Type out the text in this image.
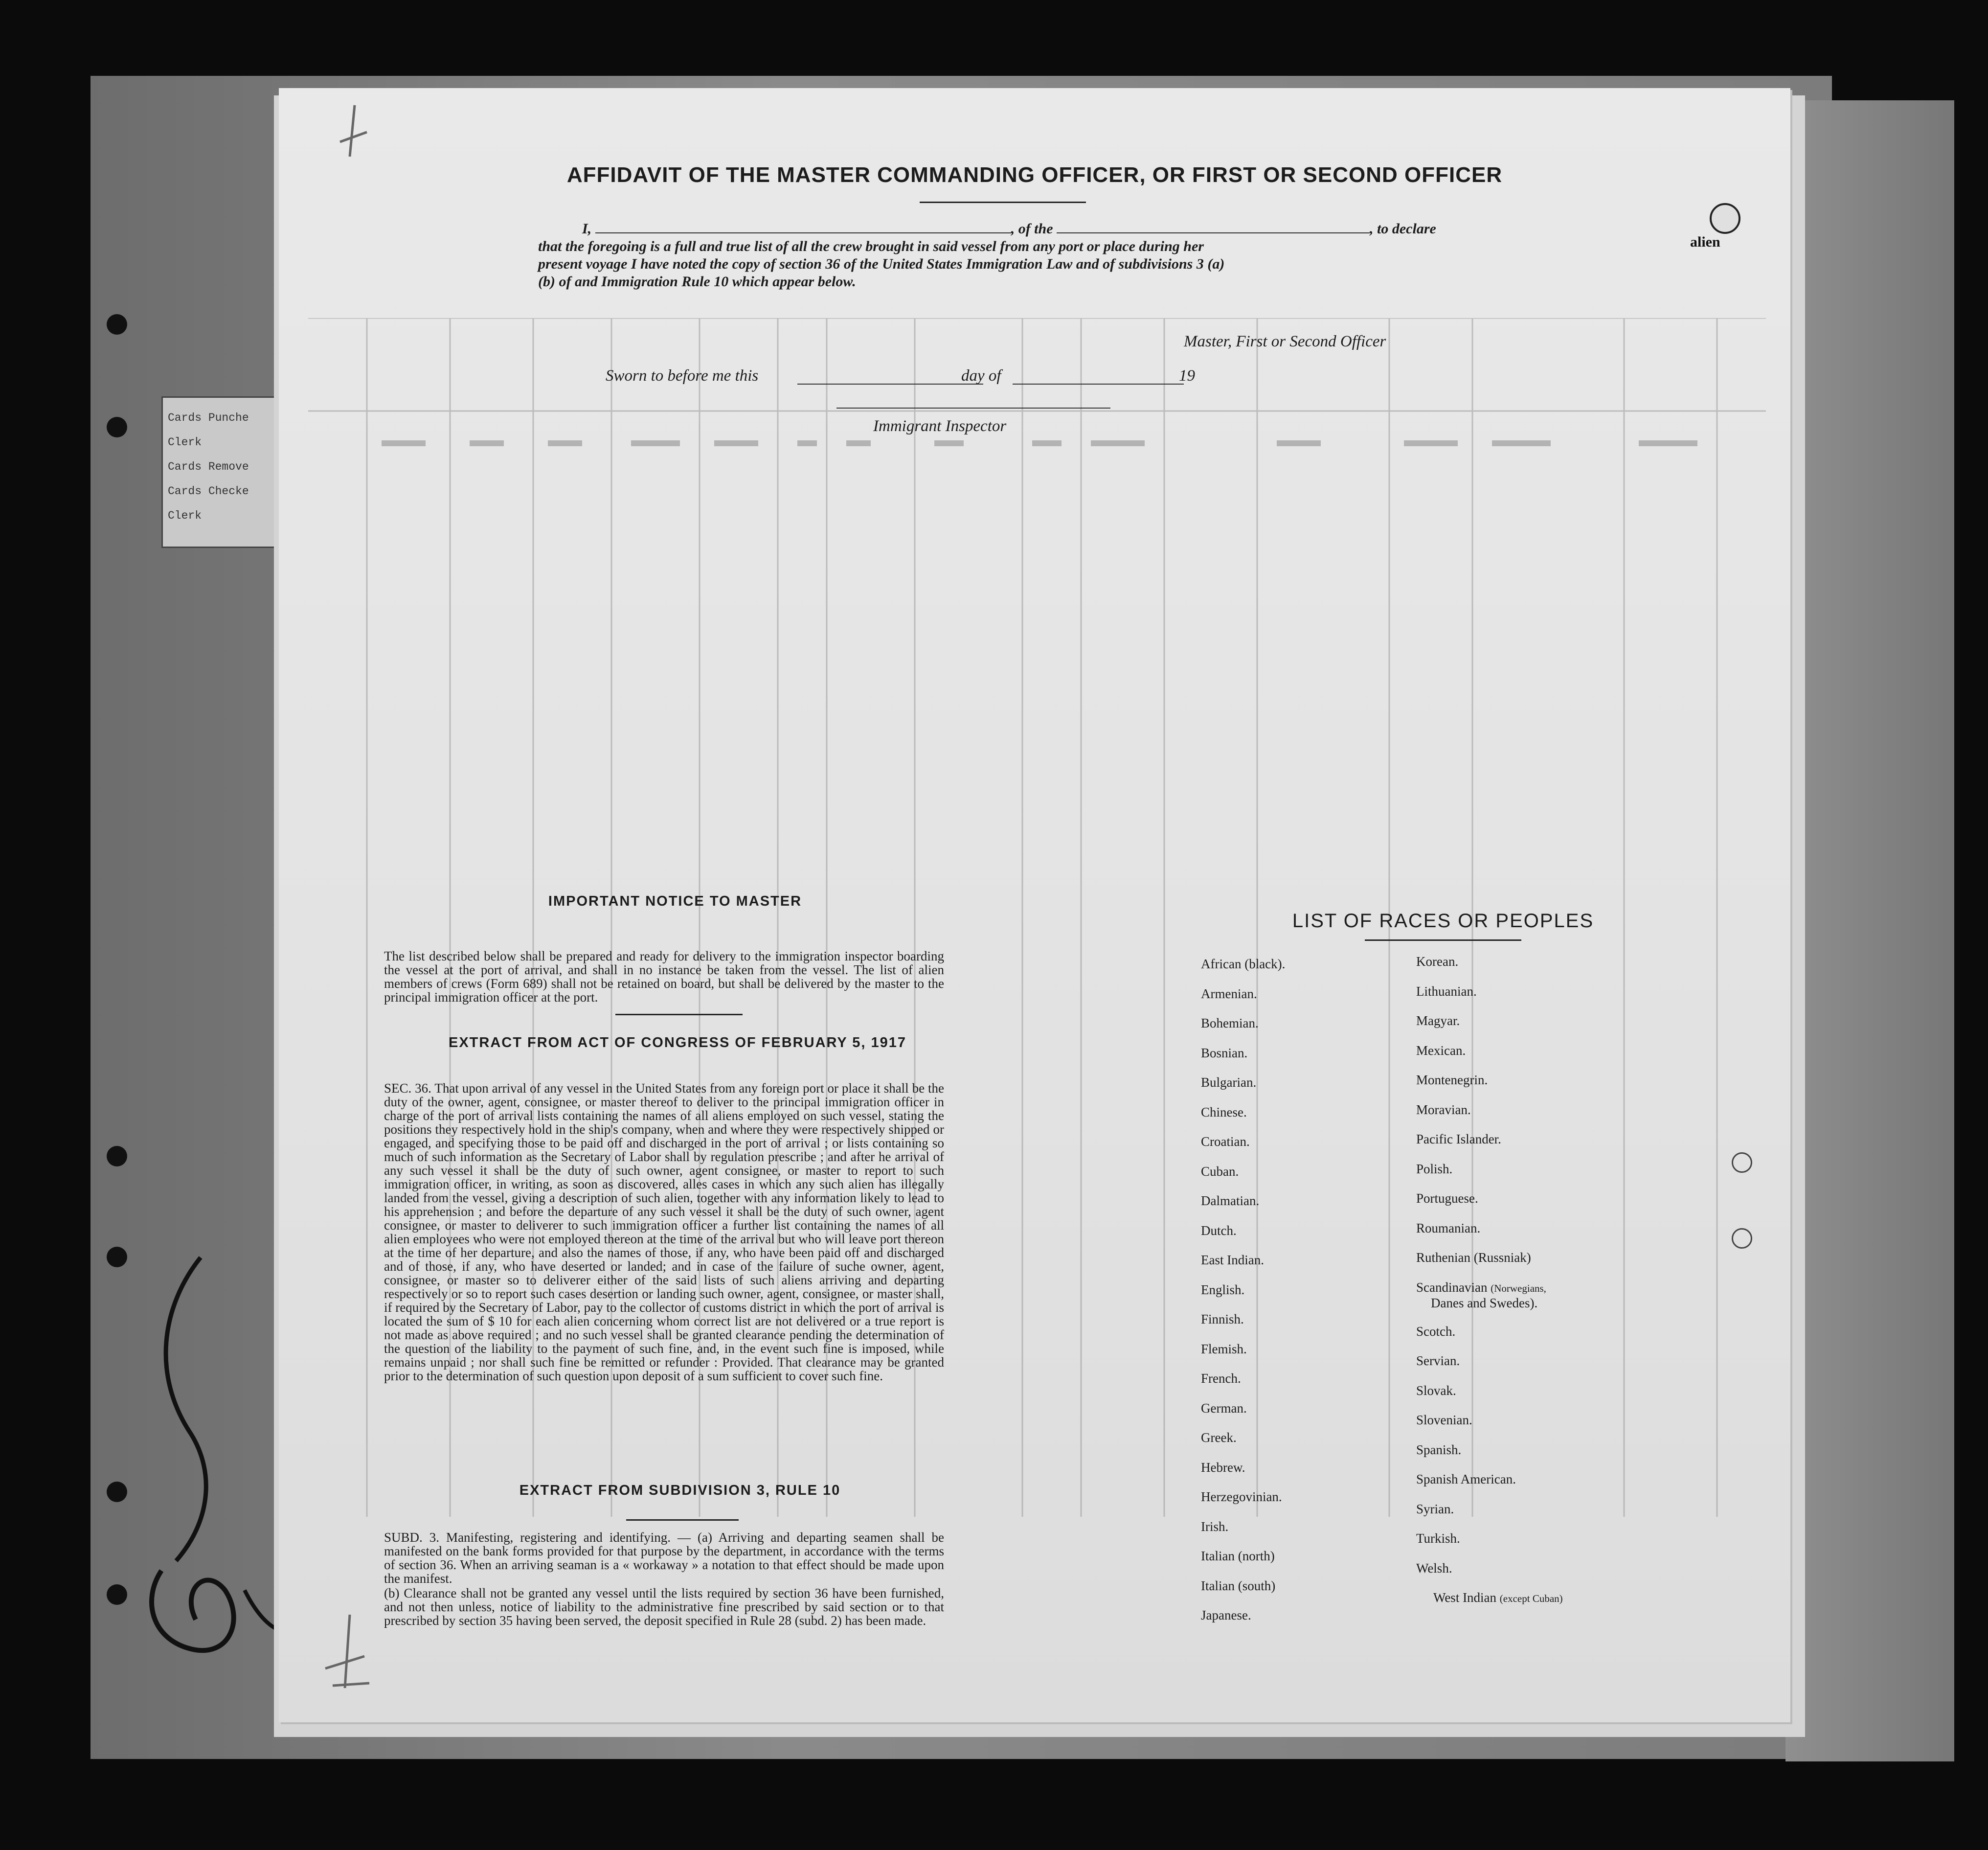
Cards Punche
Clerk
Cards Remove
Cards Checke
Clerk
AFFIDAVIT OF THE MASTER COMMANDING OFFICER, OR FIRST OR SECOND OFFICER
I,	, of the	, to declare
that the foregoing is a full and true list of all the crew brought in said vessel from any port or place during her
present voyage I have noted the copy of section 36 of the United States Immigration Law and of subdivisions 3 (a)
(b) of and Immigration Rule 10 which appear below.
Master, First or Second Officer
Sworn to before me this	day of	19
Immigrant Inspector
IMPORTANT NOTICE TO MASTER
The list described below shall be prepared and ready for delivery to the immigration inspector boarding the vessel at the port of arrival, and shall in no instance be taken from the vessel. The list of alien members of crews (Form 689) shall not be retained on board, but shall be delivered by the master to the principal immigration officer at the port.
EXTRACT FROM ACT OF CONGRESS OF FEBRUARY 5, 1917
SEC. 36. That upon arrival of any vessel in the United States from any foreign port or place it shall be the duty of the owner, agent, consignee, or master thereof to deliver to the principal immigration officer in charge of the port of arrival lists containing the names of all aliens employed on such vessel, stating the positions they respectively hold in the ship's company, when and where they were respectively shipped or engaged, and specifying those to be paid off and discharged in the port of arrival ; or lists containing so much of such information as the Secretary of Labor shall by regulation prescribe ; and after he arrival of any such vessel it shall be the duty of such owner, agent consignee, or master to report to such immigration officer, in writing, as soon as discovered, alles cases in which any such alien has illegally landed from the vessel, giving a description of such alien, together with any information likely to lead to his apprehension ; and before the departure of any such vessel it shall be the duty of such owner, agent consignee, or master to deliverer to such immigration officer a further list containing the names of all alien employees who were not employed thereon at the time of the arrival but who will leave port thereon at the time of her departure, and also the names of those, if any, who have been paid off and discharged and of those, if any, who have deserted or landed; and in case of the failure of suche owner, agent, consignee, or master so to deliverer either of the said lists of such aliens arriving and departing respectively or so to report such cases desertion or landing such owner, agent, consignee, or master shall, if required by the Secretary of Labor, pay to the collector of customs district in which the port of arrival is located the sum of $ 10 for each alien concerning whom correct list are not delivered or a true report is not made as above required ; and no such vessel shall be granted clearance pending the determination of the question of the liability to the payment of such fine, and, in the event such fine is imposed, while remains unpaid ; nor shall such fine be remitted or refunder : Provided. That clearance may be granted prior to the determination of such question upon deposit of a sum sufficient to cover such fine.
EXTRACT FROM SUBDIVISION 3, RULE 10
SUBD. 3. Manifesting, registering and identifying. — (a) Arriving and departing seamen shall be manifested on the bank forms provided for that purpose by the department, in accordance with the terms of section 36. When an arriving seaman is a « workaway » a notation to that effect should be made upon the manifest.
(b) Clearance shall not be granted any vessel until the lists required by section 36 have been furnished, and not then unless, notice of liability to the administrative fine prescribed by said section or to that prescribed by section 35 having been served, the deposit specified in Rule 28 (subd. 2) has been made.
LIST OF RACES OR PEOPLES
African (black).
Armenian.
Bohemian.
Bosnian.
Bulgarian.
Chinese.
Croatian.
Cuban.
Dalmatian.
Dutch.
East Indian.
English.
Finnish.
Flemish.
French.
German.
Greek.
Hebrew.
Herzegovinian.
Irish.
Italian (north)
Italian (south)
Japanese.
Korean.
Lithuanian.
Magyar.
Mexican.
Montenegrin.
Moravian.
Pacific Islander.
Polish.
Portuguese.
Roumanian.
Ruthenian (Russniak)
Scandinavian (Norwegians,
Danes and Swedes).
Scotch.
Servian.
Slovak.
Slovenian.
Spanish.
Spanish American.
Syrian.
Turkish.
Welsh.
West Indian (except Cuban)
alien
